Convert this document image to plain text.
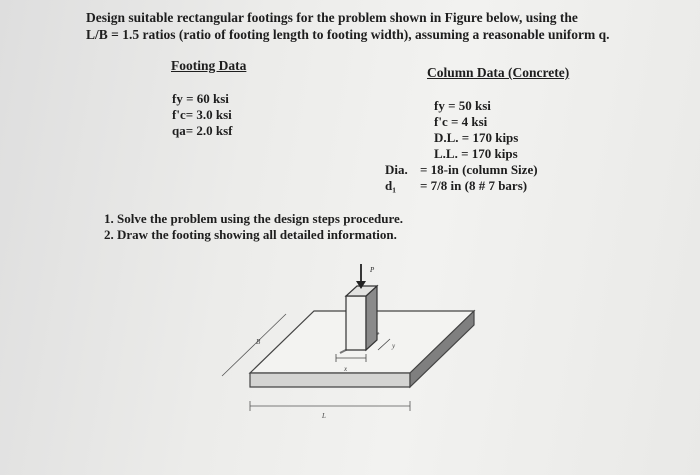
Design suitable rectangular footings for the problem shown in Figure below, using the
L/B = 1.5 ratios (ratio of footing length to footing width), assuming a reasonable uniform q.
Footing Data
fy = 60 ksi
f'c= 3.0 ksi
qa= 2.0 ksf
Column Data (Concrete)
fy = 50 ksi
f'c = 4 ksi
D.L. = 170 kips
L.L. = 170 kips
Dia. = 18-in (column Size)
d₁ = 7/8 in (8 # 7 bars)
1. Solve the problem using the design steps procedure.
2. Draw the footing showing all detailed information.
P
x
y
B
L
